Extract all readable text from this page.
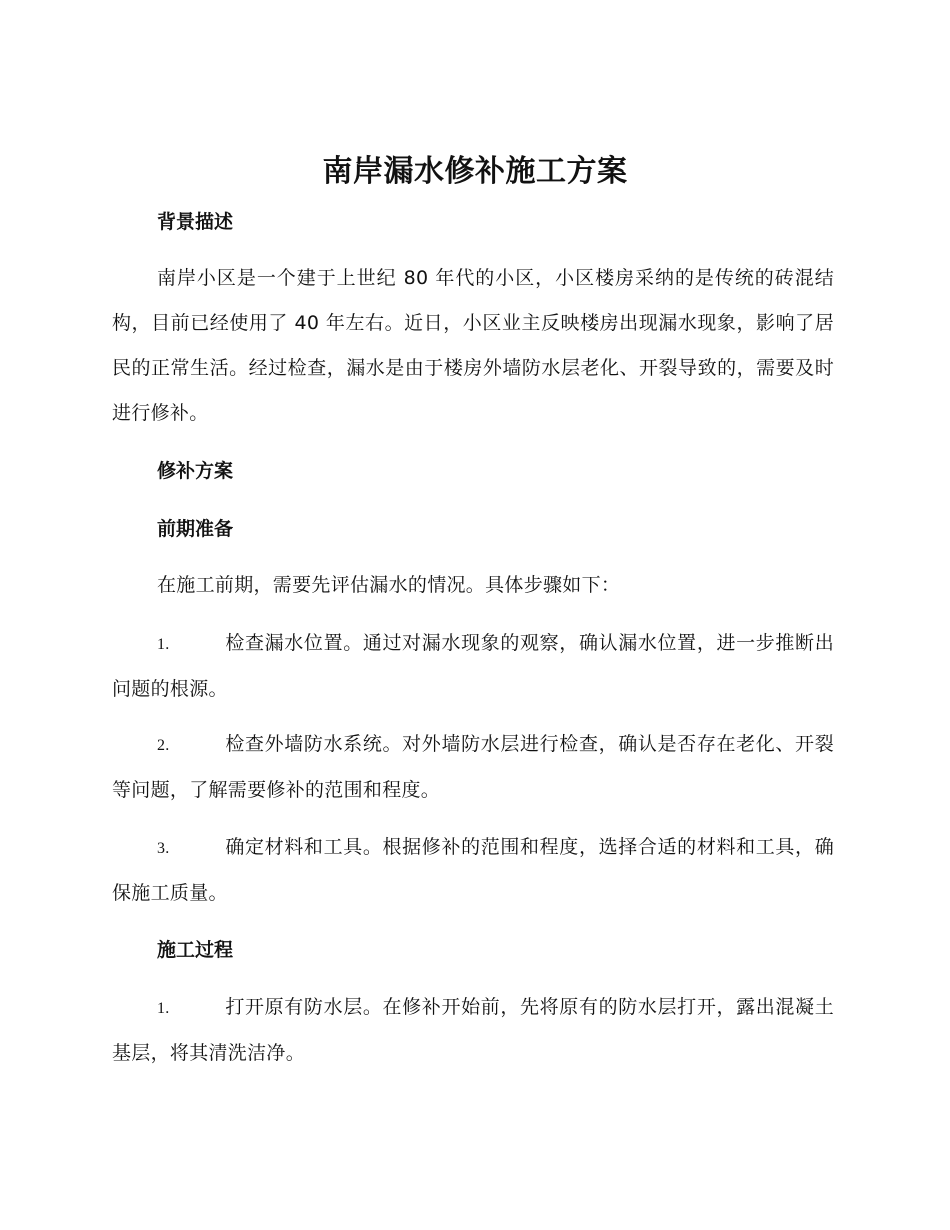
南岸漏水修补施工方案
背景描述
南岸小区是一个建于上世纪 80 年代的小区，小区楼房采纳的是传统的砖混结构，目前已经使用了 40 年左右。近日，小区业主反映楼房出现漏水现象，影响了居民的正常生活。经过检查，漏水是由于楼房外墙防水层老化、开裂导致的，需要及时进行修补。
修补方案
前期准备
在施工前期，需要先评估漏水的情况。具体步骤如下：
1.	检查漏水位置。通过对漏水现象的观察，确认漏水位置，进一步推断出问题的根源。
2.	检查外墙防水系统。对外墙防水层进行检查，确认是否存在老化、开裂等问题，了解需要修补的范围和程度。
3.	确定材料和工具。根据修补的范围和程度，选择合适的材料和工具，确保施工质量。
施工过程
1.	打开原有防水层。在修补开始前，先将原有的防水层打开，露出混凝土基层，将其清洗洁净。
